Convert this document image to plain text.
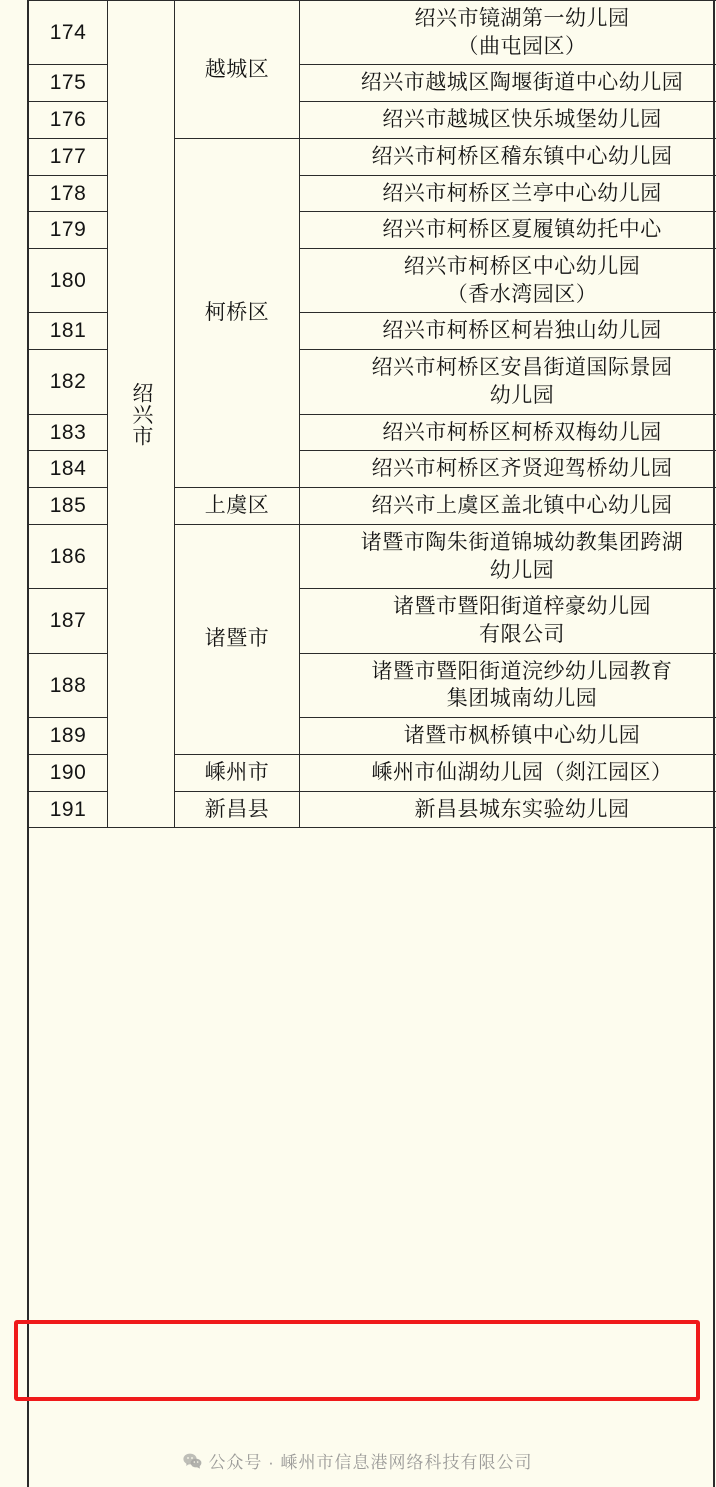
174	绍兴市	越城区	绍兴市镜湖第一幼儿园
（曲屯园区）
175			绍兴市越城区陶堰街道中心幼儿园
176			绍兴市越城区快乐城堡幼儿园
177		柯桥区	绍兴市柯桥区稽东镇中心幼儿园
178			绍兴市柯桥区兰亭中心幼儿园
179			绍兴市柯桥区夏履镇幼托中心
180			绍兴市柯桥区中心幼儿园
（香水湾园区）
181			绍兴市柯桥区柯岩独山幼儿园
182			绍兴市柯桥区安昌街道国际景园
幼儿园
183			绍兴市柯桥区柯桥双梅幼儿园
184			绍兴市柯桥区齐贤迎驾桥幼儿园
185		上虞区	绍兴市上虞区盖北镇中心幼儿园
186		诸暨市	诸暨市陶朱街道锦城幼教集团跨湖
幼儿园
187			诸暨市暨阳街道梓豪幼儿园
有限公司
188			诸暨市暨阳街道浣纱幼儿园教育
集团城南幼儿园
189			诸暨市枫桥镇中心幼儿园
190		嵊州市	嵊州市仙湖幼儿园（剡江园区）
191		新昌县	新昌县城东实验幼儿园
公众号 · 嵊州市信息港网络科技有限公司
